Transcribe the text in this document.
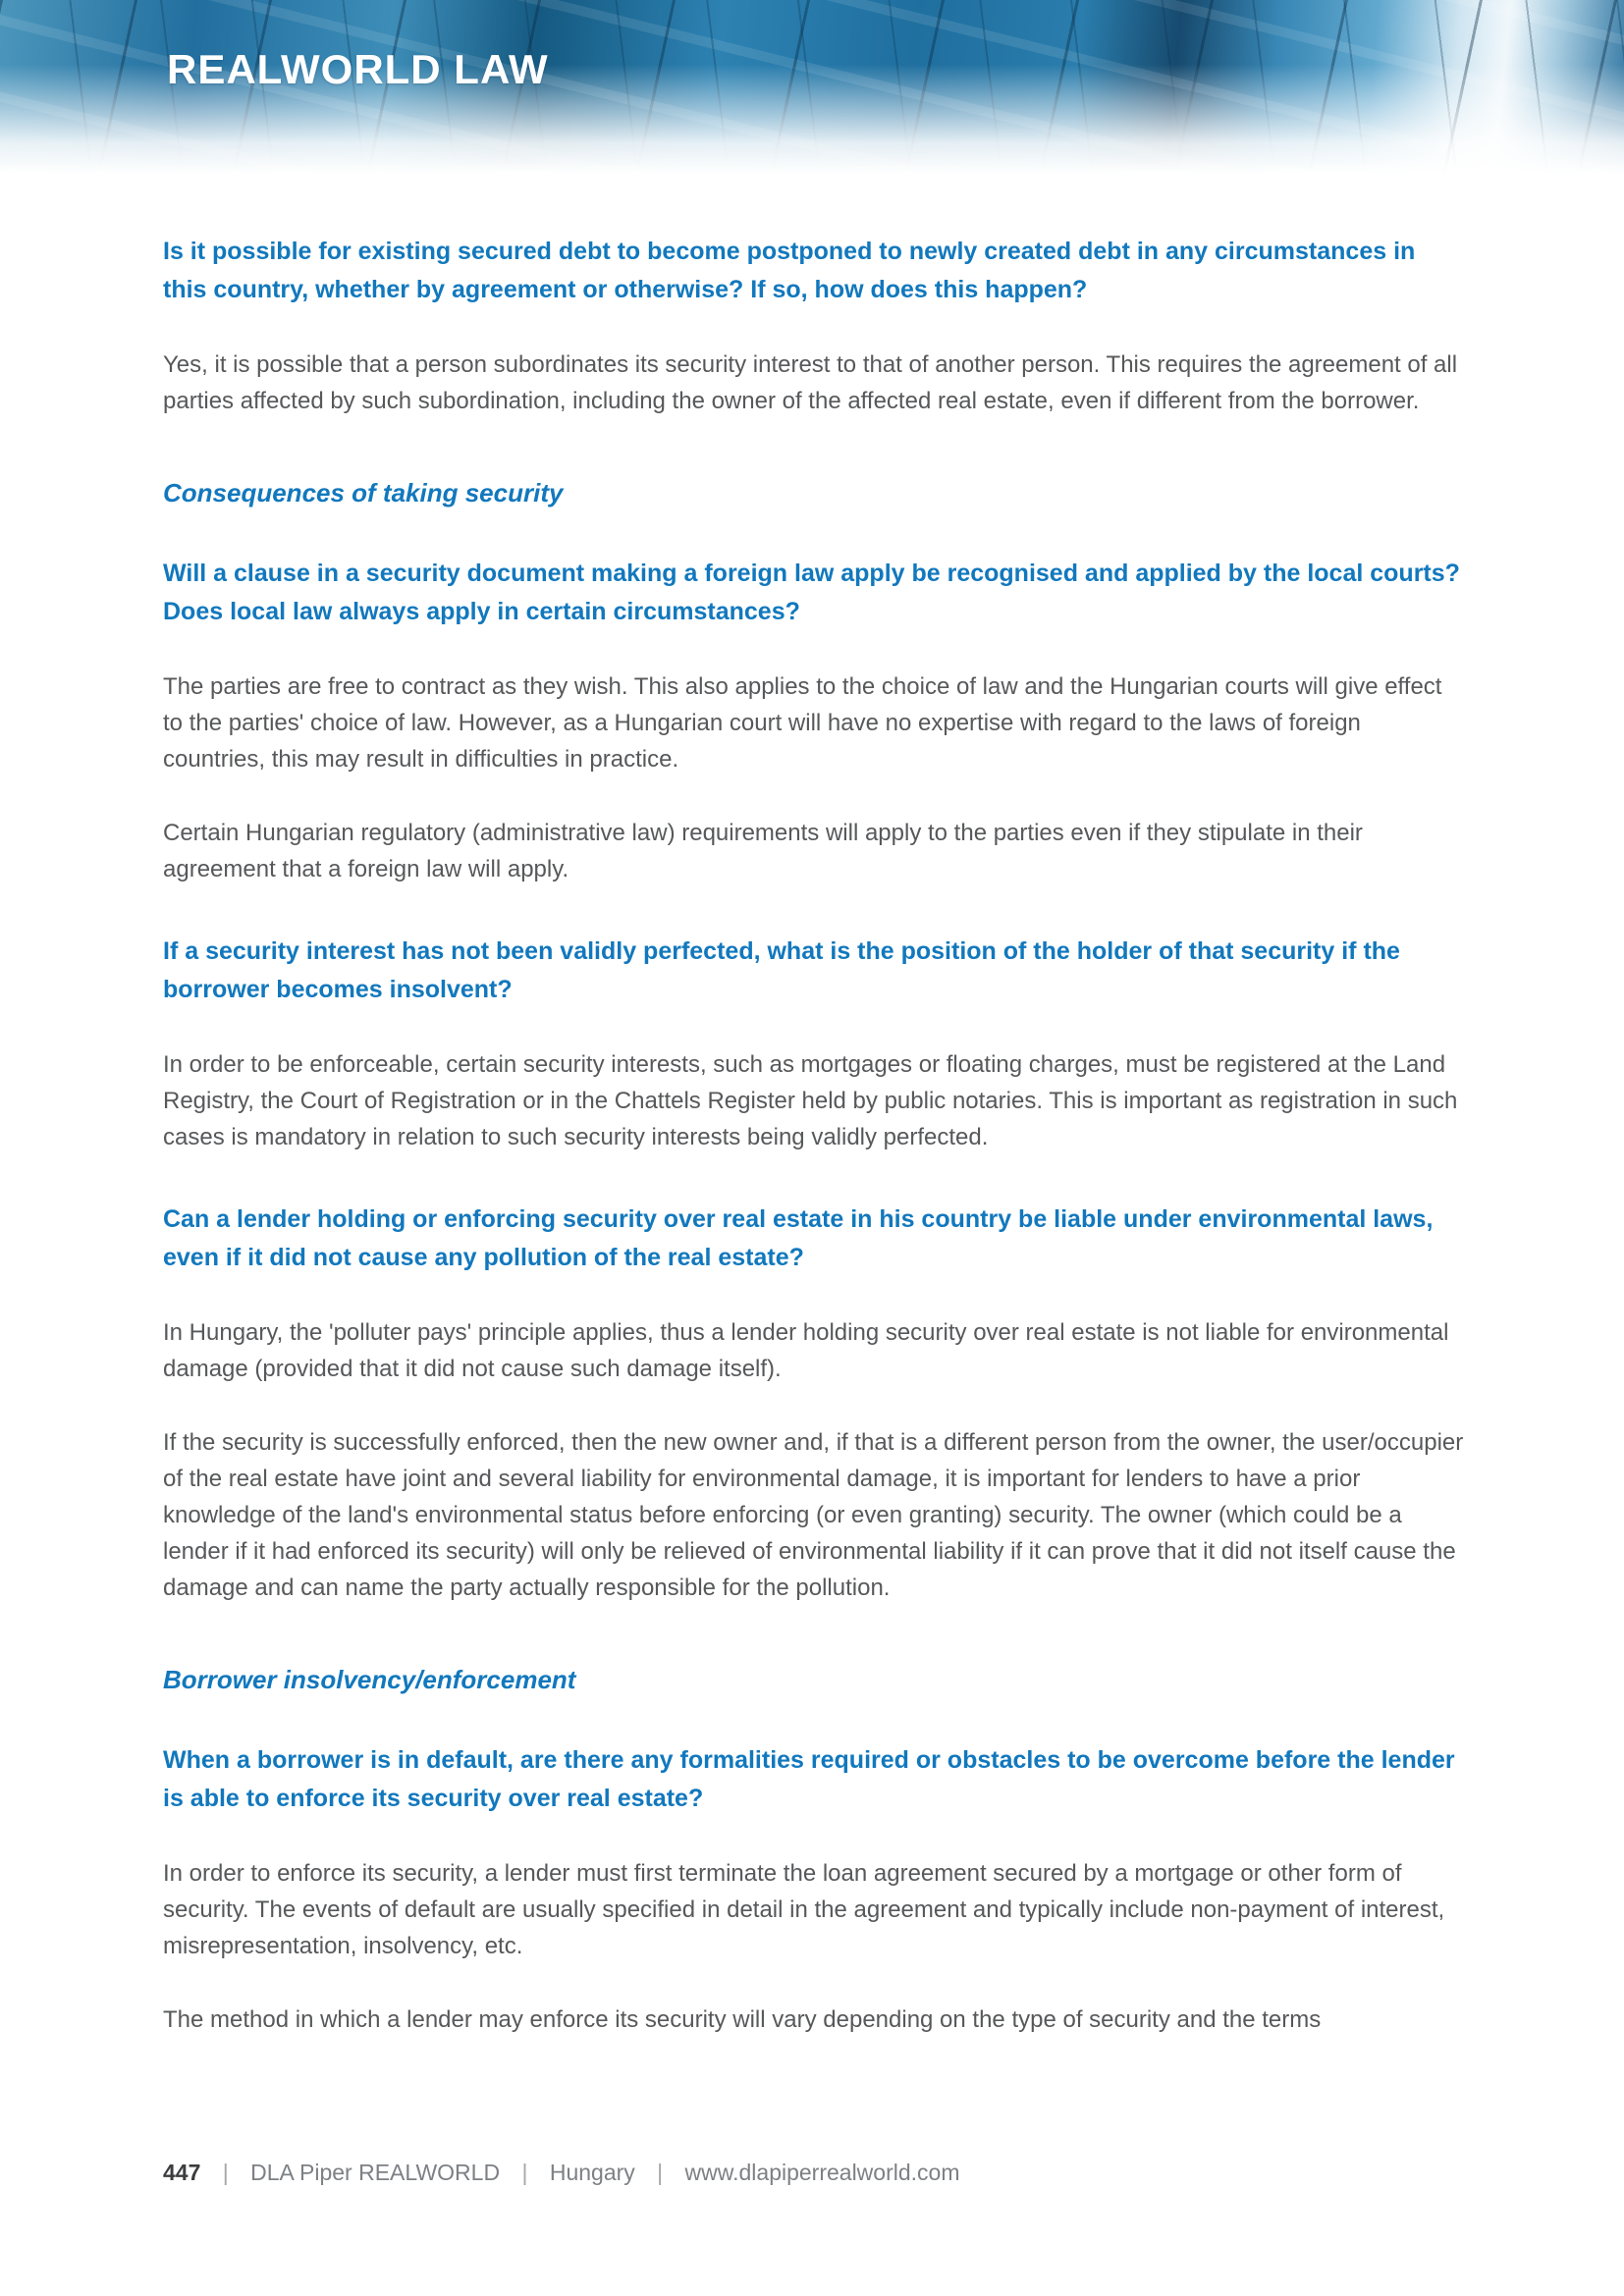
REALWORLD LAW
Is it possible for existing secured debt to become postponed to newly created debt in any circumstances in this country, whether by agreement or otherwise? If so, how does this happen?

Yes, it is possible that a person subordinates its security interest to that of another person. This requires the agreement of all parties affected by such subordination, including the owner of the affected real estate, even if different from the borrower.

Consequences of taking security
Will a clause in a security document making a foreign law apply be recognised and applied by the local courts? Does local law always apply in certain circumstances?

The parties are free to contract as they wish. This also applies to the choice of law and the Hungarian courts will give effect to the parties' choice of law. However, as a Hungarian court will have no expertise with regard to the laws of foreign countries, this may result in difficulties in practice.

Certain Hungarian regulatory (administrative law) requirements will apply to the parties even if they stipulate in their agreement that a foreign law will apply.

If a security interest has not been validly perfected, what is the position of the holder of that security if the borrower becomes insolvent?

In order to be enforceable, certain security interests, such as mortgages or floating charges, must be registered at the Land Registry, the Court of Registration or in the Chattels Register held by public notaries. This is important as registration in such cases is mandatory in relation to such security interests being validly perfected.

Can a lender holding or enforcing security over real estate in his country be liable under environmental laws, even if it did not cause any pollution of the real estate?

In Hungary, the 'polluter pays' principle applies, thus a lender holding security over real estate is not liable for environmental damage (provided that it did not cause such damage itself).

If the security is successfully enforced, then the new owner and, if that is a different person from the owner, the user/occupier of the real estate have joint and several liability for environmental damage, it is important for lenders to have a prior knowledge of the land's environmental status before enforcing (or even granting) security. The owner (which could be a lender if it had enforced its security) will only be relieved of environmental liability if it can prove that it did not itself cause the damage and can name the party actually responsible for the pollution.

Borrower insolvency/enforcement
When a borrower is in default, are there any formalities required or obstacles to be overcome before the lender is able to enforce its security over real estate?

In order to enforce its security, a lender must first terminate the loan agreement secured by a mortgage or other form of security. The events of default are usually specified in detail in the agreement and typically include non-payment of interest, misrepresentation, insolvency, etc.

The method in which a lender may enforce its security will vary depending on the type of security and the terms

447 | DLA Piper REALWORLD | Hungary | www.dlapiperrealworld.com
